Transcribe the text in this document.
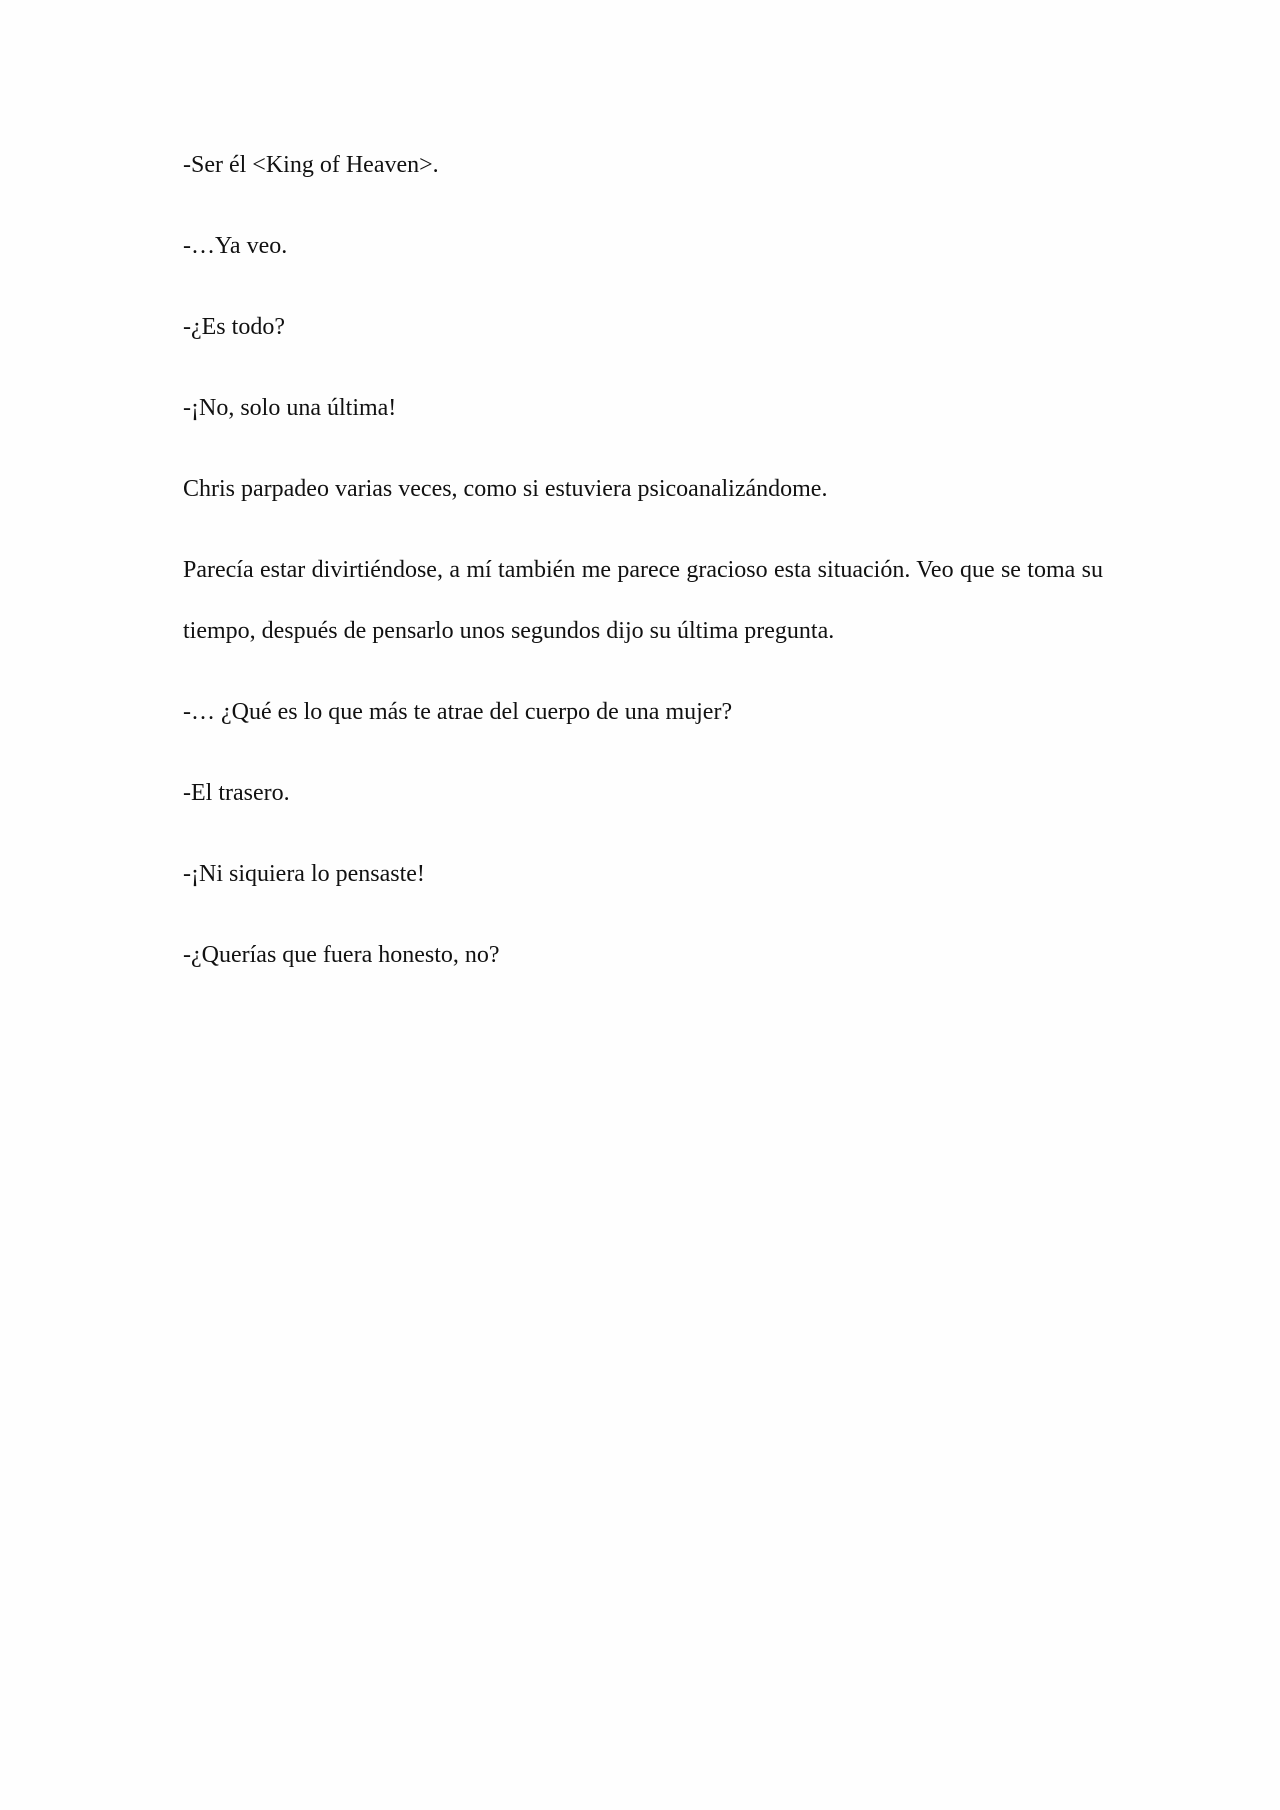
-Ser él <King of Heaven>.

-…Ya veo.

-¿Es todo?

-¡No, solo una última!

Chris parpadeo varias veces, como si estuviera psicoanalizándome.

Parecía estar divirtiéndose, a mí también me parece gracioso esta situación. Veo que se toma su tiempo, después de pensarlo unos segundos dijo su última pregunta.

-… ¿Qué es lo que más te atrae del cuerpo de una mujer?

-El trasero.

-¡Ni siquiera lo pensaste!

-¿Querías que fuera honesto, no?
